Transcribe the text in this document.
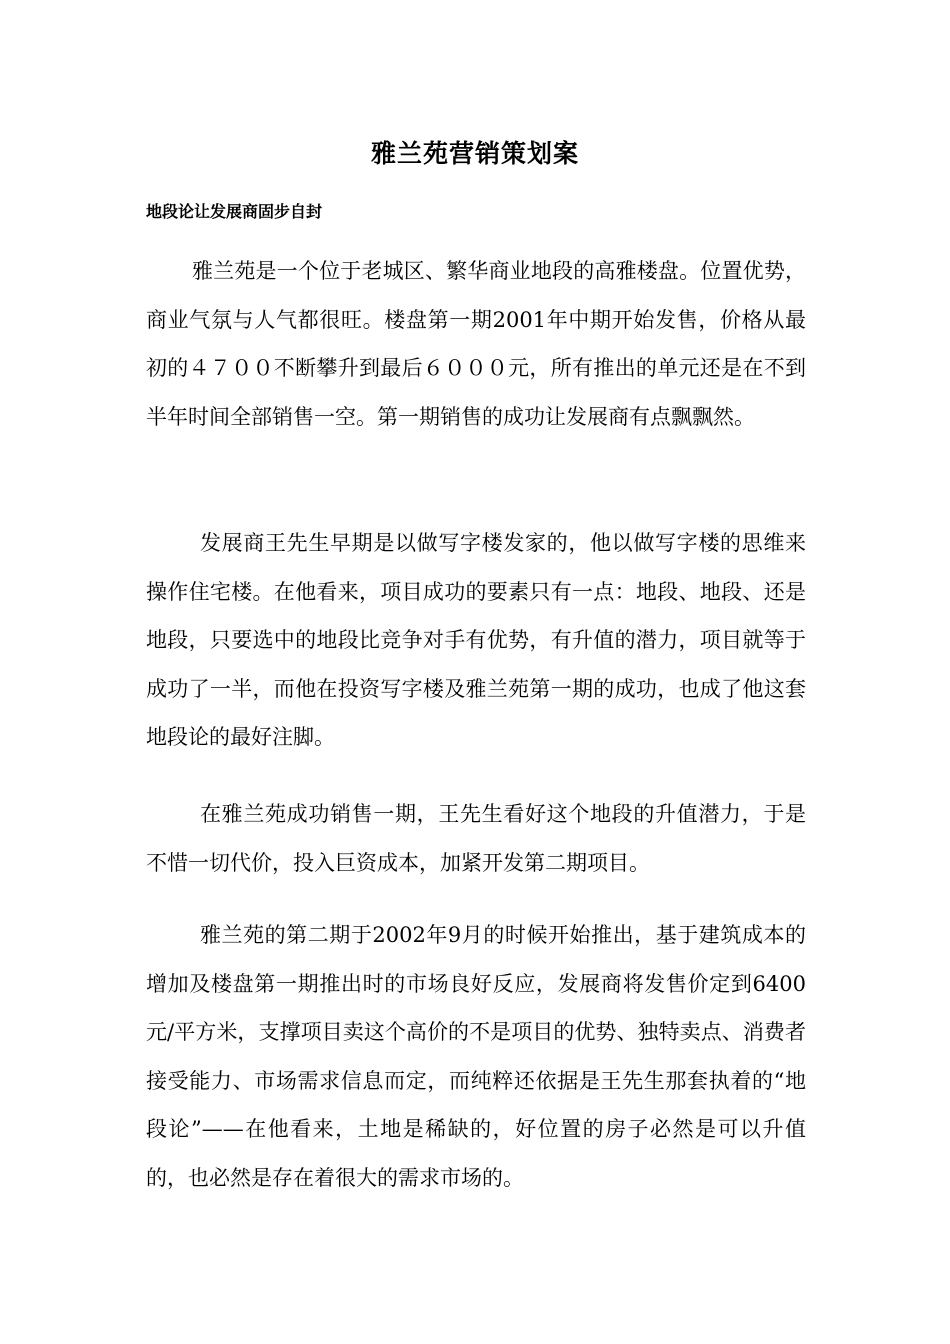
雅兰苑营销策划案
地段论让发展商固步自封

雅兰苑是一个位于老城区、繁华商业地段的高雅楼盘。位置优势，商业气氛与人气都很旺。楼盘第一期2001年中期开始发售，价格从最初的４７００不断攀升到最后６０００元，所有推出的单元还是在不到半年时间全部销售一空。第一期销售的成功让发展商有点飘飘然。

发展商王先生早期是以做写字楼发家的，他以做写字楼的思维来操作住宅楼。在他看来，项目成功的要素只有一点：地段、地段、还是地段，只要选中的地段比竞争对手有优势，有升值的潜力，项目就等于成功了一半，而他在投资写字楼及雅兰苑第一期的成功，也成了他这套地段论的最好注脚。

在雅兰苑成功销售一期，王先生看好这个地段的升值潜力，于是不惜一切代价，投入巨资成本，加紧开发第二期项目。

雅兰苑的第二期于2002年9月的时候开始推出，基于建筑成本的增加及楼盘第一期推出时的市场良好反应，发展商将发售价定到6400元/平方米，支撑项目卖这个高价的不是项目的优势、独特卖点、消费者接受能力、市场需求信息而定，而纯粹还依据是王先生那套执着的“地段论”——在他看来，土地是稀缺的，好位置的房子必然是可以升值的，也必然是存在着很大的需求市场的。
